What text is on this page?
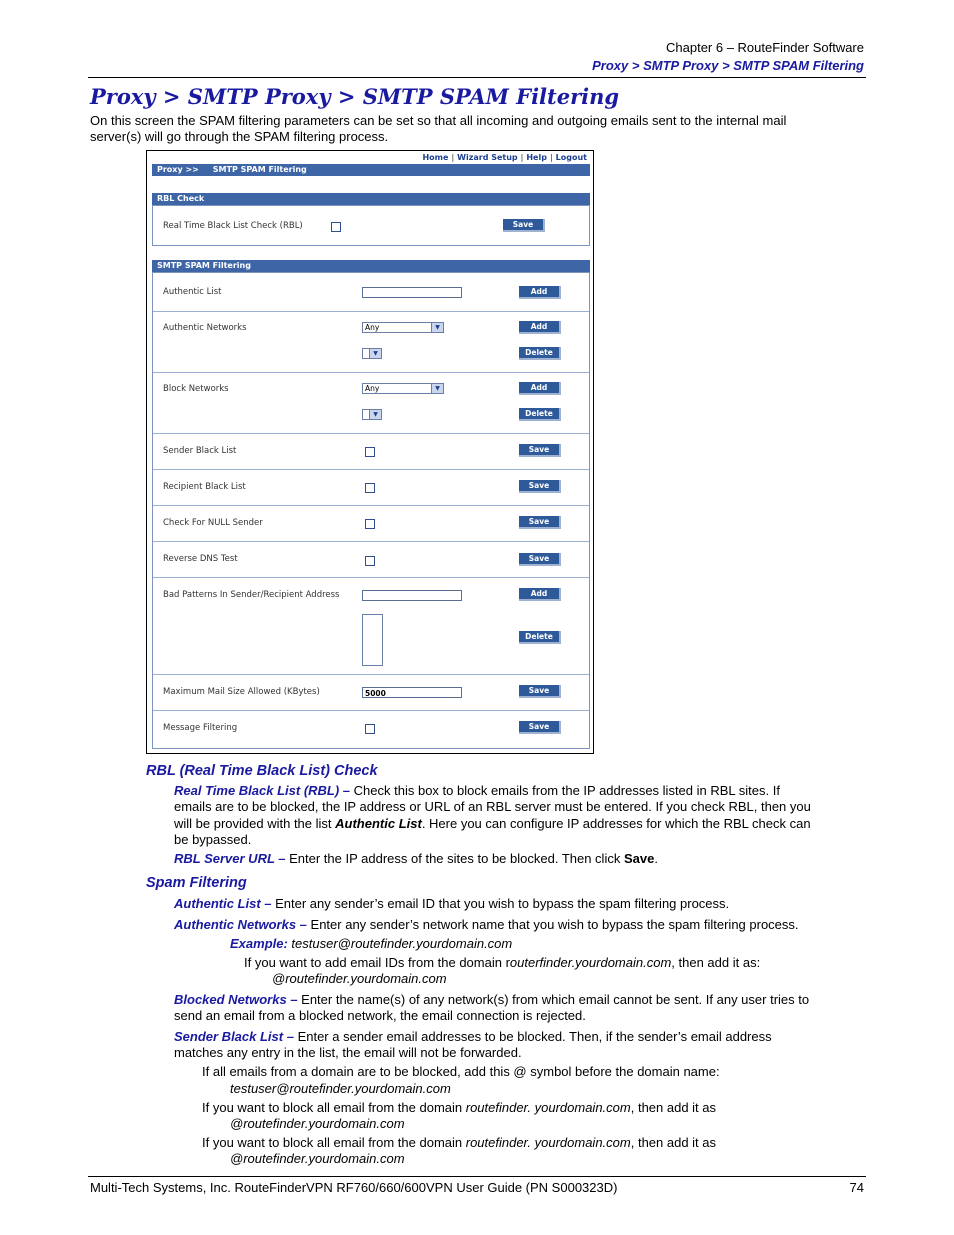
Chapter 6 – RouteFinder Software
Proxy > SMTP Proxy > SMTP SPAM Filtering
Proxy > SMTP Proxy > SMTP SPAM Filtering
On this screen the SPAM filtering parameters can be set so that all incoming and outgoing emails sent to the internal mail
server(s) will go through the SPAM filtering process.
Home | Wizard Setup | Help | Logout
Proxy >>     SMTP SPAM Filtering
RBL Check
Real Time Black List Check (RBL)	Save
SMTP SPAM Filtering
Authentic List	Add
Authentic Networks	Any	▼	Add
▼	Delete
Block Networks	Any	▼	Add
▼	Delete
Sender Black List	Save
Recipient Black List	Save
Check For NULL Sender	Save
Reverse DNS Test	Save
Bad Patterns In Sender/Recipient Address	Add
Delete
Maximum Mail Size Allowed (KBytes)	5000	Save
Message Filtering	Save
RBL (Real Time Black List) Check
Real Time Black List (RBL) – Check this box to block emails from the IP addresses listed in RBL sites. If
emails are to be blocked, the IP address or URL of an RBL server must be entered. If you check RBL, then you
will be provided with the list Authentic List. Here you can configure IP addresses for which the RBL check can
be bypassed.
RBL Server URL – Enter the IP address of the sites to be blocked. Then click Save.
Spam Filtering
Authentic List – Enter any sender’s email ID that you wish to bypass the spam filtering process.
Authentic Networks – Enter any sender’s network name that you wish to bypass the spam filtering process.
Example: testuser@routefinder.yourdomain.com
If you want to add email IDs from the domain routerfinder.yourdomain.com, then add it as:
@routefinder.yourdomain.com
Blocked Networks – Enter the name(s) of any network(s) from which email cannot be sent. If any user tries to
send an email from a blocked network, the email connection is rejected.
Sender Black List – Enter a sender email addresses to be blocked. Then, if the sender’s email address
matches any entry in the list, the email will not be forwarded.
If all emails from a domain are to be blocked, add this @ symbol before the domain name:
testuser@routefinder.yourdomain.com
If you want to block all email from the domain routefinder. yourdomain.com, then add it as
@routefinder.yourdomain.com
If you want to block all email from the domain routefinder. yourdomain.com, then add it as
@routefinder.yourdomain.com
Multi-Tech Systems, Inc. RouteFinderVPN RF760/660/600VPN User Guide (PN S000323D)	74
